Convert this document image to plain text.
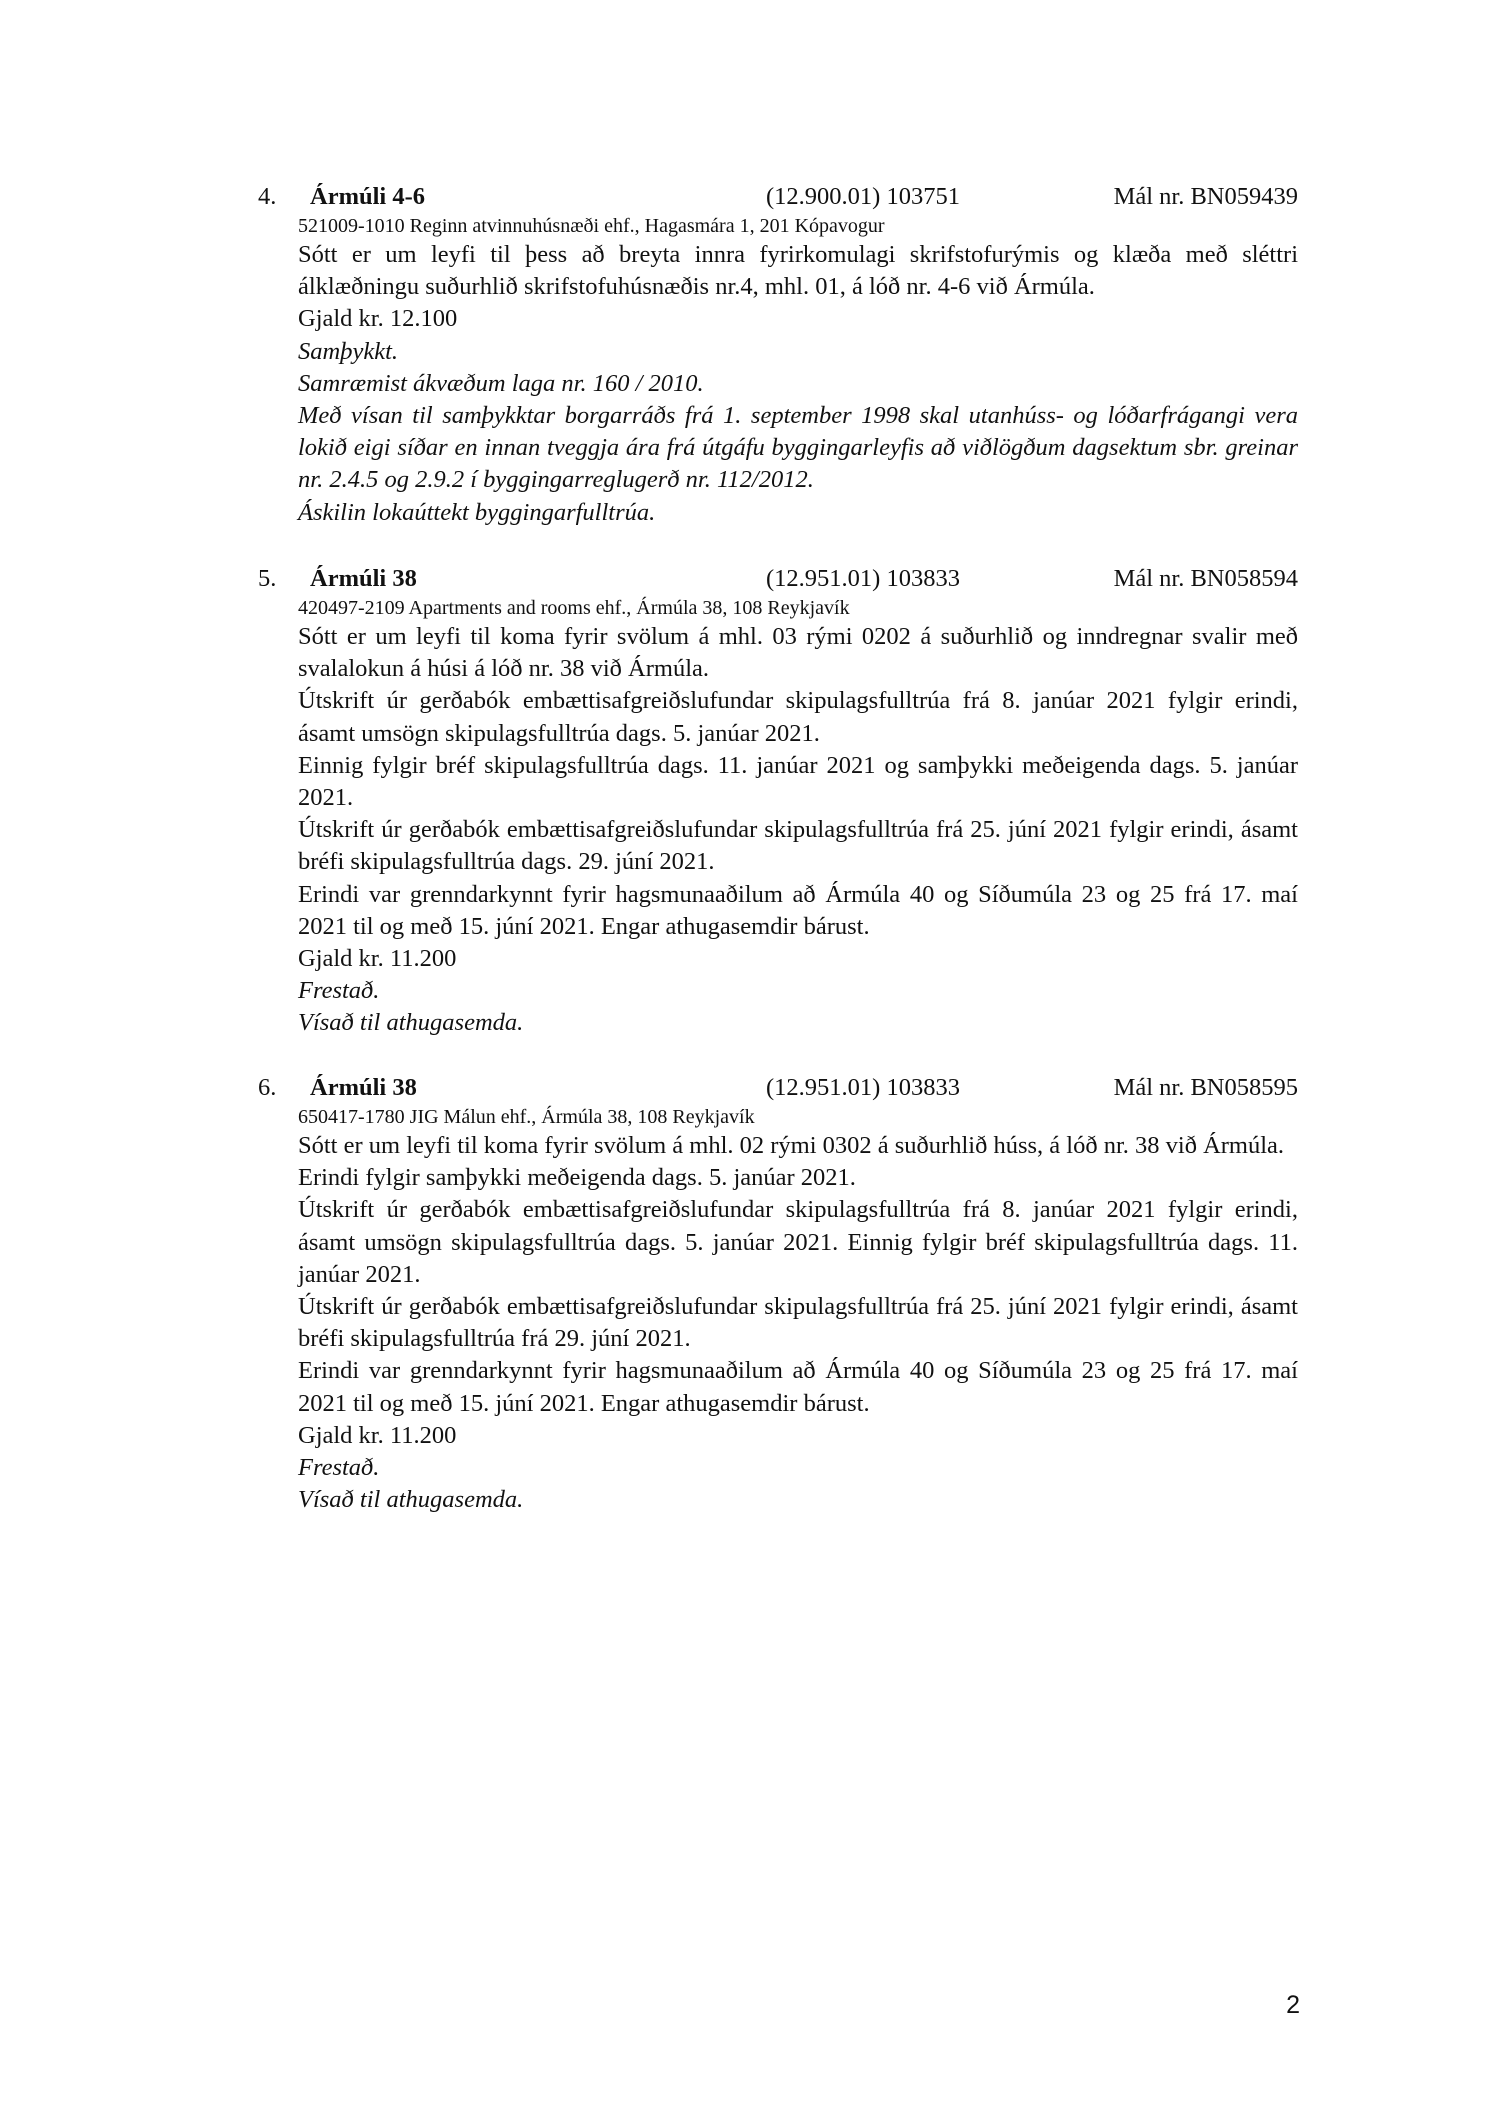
4. Ármúli 4-6	(12.900.01) 103751	Mál nr. BN059439
521009-1010 Reginn atvinnuhúsnæði ehf., Hagasmára 1, 201 Kópavogur
Sótt er um leyfi til þess að breyta innra fyrirkomulagi skrifstofurýmis og klæða með sléttri álklæðningu suðurhlið skrifstofuhúsnæðis nr.4, mhl. 01, á lóð nr. 4-6 við Ármúla.
Gjald kr. 12.100
Samþykkt.
Samræmist ákvæðum laga nr. 160 / 2010.
Með vísan til samþykktar borgarráðs frá 1. september 1998 skal utanhúss- og lóðarfrágangi vera lokið eigi síðar en innan tveggja ára frá útgáfu byggingarleyfis að viðlögðum dagsektum sbr. greinar nr. 2.4.5 og 2.9.2 í byggingarreglugerð nr. 112/2012.
Áskilin lokaúttekt byggingarfulltrúa.
5. Ármúli 38	(12.951.01) 103833	Mál nr. BN058594
420497-2109 Apartments and rooms ehf., Ármúla 38, 108 Reykjavík
Sótt er um leyfi til koma fyrir svölum á mhl. 03 rými 0202 á suðurhlið og inndregnar svalir með svalalokun á húsi á lóð nr. 38 við Ármúla.
Útskrift úr gerðabók embættisafgreiðslufundar skipulagsfulltrúa frá 8. janúar 2021 fylgir erindi, ásamt umsögn skipulagsfulltrúa dags. 5. janúar 2021.
Einnig fylgir bréf skipulagsfulltrúa dags. 11. janúar 2021 og samþykki meðeigenda dags. 5. janúar 2021.
Útskrift úr gerðabók embættisafgreiðslufundar skipulagsfulltrúa frá 25. júní 2021 fylgir erindi, ásamt bréfi skipulagsfulltrúa dags. 29. júní 2021.
Erindi var grenndarkynnt fyrir hagsmunaaðilum að Ármúla 40 og Síðumúla 23 og 25 frá 17. maí 2021 til og með 15. júní 2021. Engar athugasemdir bárust.
Gjald kr. 11.200
Frestað.
Vísað til athugasemda.
6. Ármúli 38	(12.951.01) 103833	Mál nr. BN058595
650417-1780 JIG Málun ehf., Ármúla 38, 108 Reykjavík
Sótt er um leyfi til koma fyrir svölum á mhl. 02 rými 0302 á suðurhlið húss, á lóð nr. 38 við Ármúla.
Erindi fylgir samþykki meðeigenda dags. 5. janúar 2021.
Útskrift úr gerðabók embættisafgreiðslufundar skipulagsfulltrúa frá 8. janúar 2021 fylgir erindi, ásamt umsögn skipulagsfulltrúa dags. 5. janúar 2021. Einnig fylgir bréf skipulagsfulltrúa dags. 11. janúar 2021.
Útskrift úr gerðabók embættisafgreiðslufundar skipulagsfulltrúa frá 25. júní 2021 fylgir erindi, ásamt bréfi skipulagsfulltrúa frá 29. júní 2021.
Erindi var grenndarkynnt fyrir hagsmunaaðilum að Ármúla 40 og Síðumúla 23 og 25 frá 17. maí 2021 til og með 15. júní 2021. Engar athugasemdir bárust.
Gjald kr. 11.200
Frestað.
Vísað til athugasemda.
2
